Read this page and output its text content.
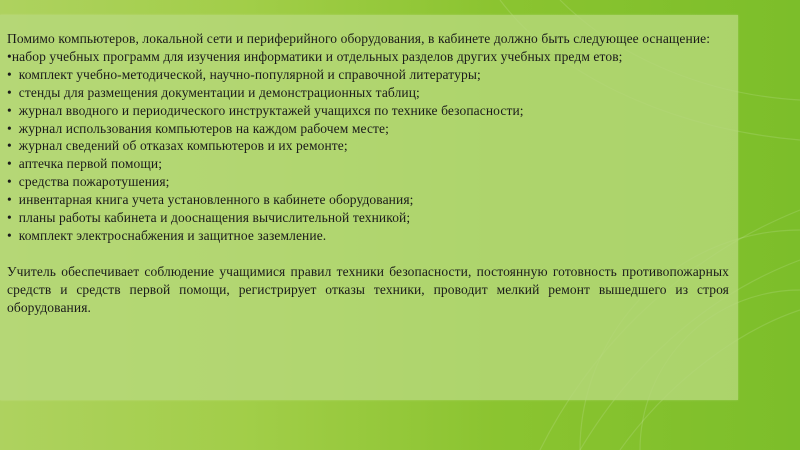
Помимо компьютеров, локальной сети и периферийного оборудования, в кабинете должно быть следующее оснащение:

•набор учебных программ для изучения информатики и отдельных разделов других учебных предм етов;
• комплект учебно‑методической, научно‑популярной и справочной литературы;
• стенды для размещения документации и демонстрационных таблиц;
• журнал вводного и периодического инструктажей учащихся по технике безопасности;
• журнал использования компьютеров на каждом рабочем месте;
• журнал сведений об отказах компьютеров и их ремонте;
• аптечка первой помощи;
• средства пожаротушения;
• инвентарная книга учета установленного в кабинете оборудования;
• планы работы кабинета и дооснащения вычислительной техникой;
• комплект электроснабжения и защитное заземление.

Учитель обеспечивает соблюдение учащимися правил техники безопасности, постоянную готовность противопожарных средств и средств первой помощи, регистрирует отказы техники, проводит мелкий ремонт вышедшего из строя оборудования.
